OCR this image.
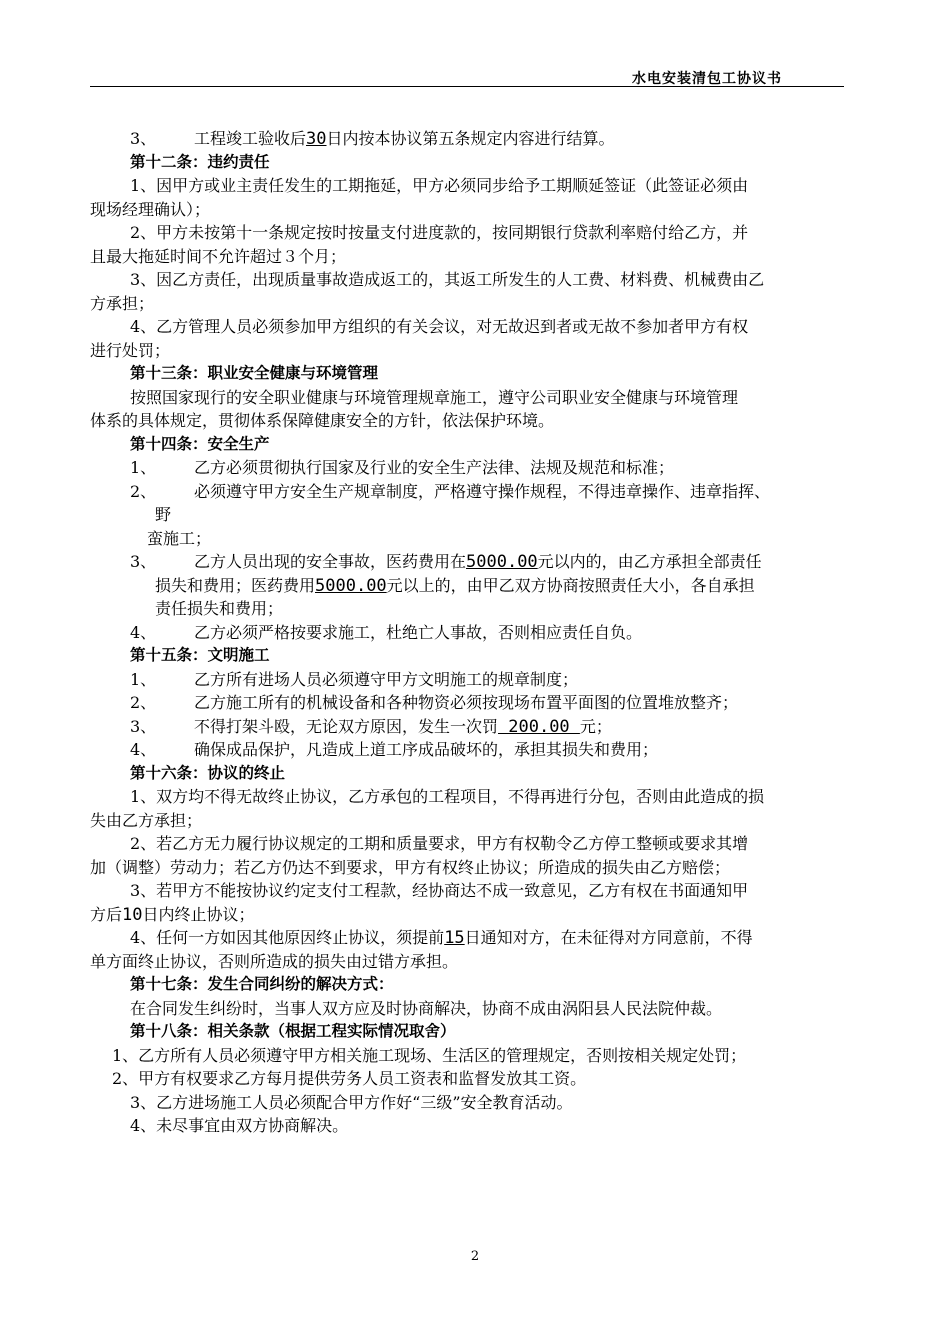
水电安装清包工协议书
3、 工程竣工验收后30日内按本协议第五条规定内容进行结算。
第十二条：违约责任
1、因甲方或业主责任发生的工期拖延，甲方必须同步给予工期顺延签证（此签证必须由
现场经理确认）；
2、甲方未按第十一条规定按时按量支付进度款的，按同期银行贷款利率赔付给乙方，并
且最大拖延时间不允许超过３个月；
3、因乙方责任，出现质量事故造成返工的，其返工所发生的人工费、材料费、机械费由乙
方承担；
4、乙方管理人员必须参加甲方组织的有关会议，对无故迟到者或无故不参加者甲方有权
进行处罚；
第十三条：职业安全健康与环境管理
按照国家现行的安全职业健康与环境管理规章施工，遵守公司职业安全健康与环境管理
体系的具体规定，贯彻体系保障健康安全的方针，依法保护环境。
第十四条：安全生产
1、 乙方必须贯彻执行国家及行业的安全生产法律、法规及规范和标准；
2、 必须遵守甲方安全生产规章制度，严格遵守操作规程，不得违章操作、违章指挥、
野
蛮施工；
3、 乙方人员出现的安全事故，医药费用在5000.00元以内的，由乙方承担全部责任
损失和费用；医药费用5000.00元以上的，由甲乙双方协商按照责任大小，各自承担
责任损失和费用；
4、 乙方必须严格按要求施工，杜绝亡人事故，否则相应责任自负。
第十五条：文明施工
1、 乙方所有进场人员必须遵守甲方文明施工的规章制度；
2、 乙方施工所有的机械设备和各种物资必须按现场布置平面图的位置堆放整齐；
3、 不得打架斗殴，无论双方原因，发生一次罚 200.00 元；
4、 确保成品保护，凡造成上道工序成品破坏的，承担其损失和费用；
第十六条：协议的终止
1、双方均不得无故终止协议，乙方承包的工程项目，不得再进行分包，否则由此造成的损
失由乙方承担；
2、若乙方无力履行协议规定的工期和质量要求，甲方有权勒令乙方停工整顿或要求其增
加（调整）劳动力；若乙方仍达不到要求，甲方有权终止协议；所造成的损失由乙方赔偿；
3、若甲方不能按协议约定支付工程款，经协商达不成一致意见，乙方有权在书面通知甲
方后10日内终止协议；
4、任何一方如因其他原因终止协议，须提前15日通知对方，在未征得对方同意前，不得
单方面终止协议，否则所造成的损失由过错方承担。
第十七条：发生合同纠纷的解决方式：
在合同发生纠纷时，当事人双方应及时协商解决，协商不成由涡阳县人民法院仲裁。
第十八条：相关条款（根据工程实际情况取舍）
1、乙方所有人员必须遵守甲方相关施工现场、生活区的管理规定，否则按相关规定处罚；
2、甲方有权要求乙方每月提供劳务人员工资表和监督发放其工资。
3、乙方进场施工人员必须配合甲方作好“三级”安全教育活动。
4、未尽事宜由双方协商解决。
2
